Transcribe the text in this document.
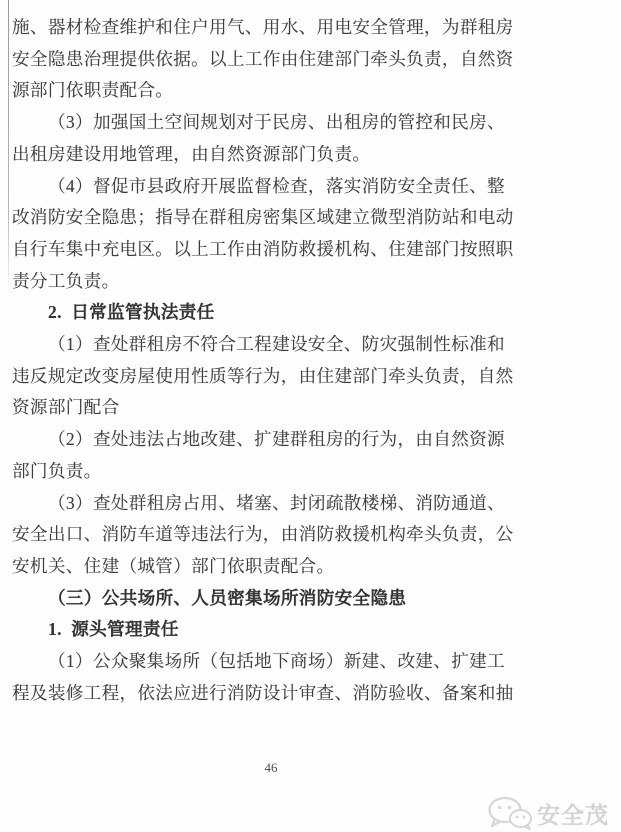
施、器材检查维护和住户用气、用水、用电安全管理，为群租房
安全隐患治理提供依据。以上工作由住建部门牵头负责，自然资
源部门依职责配合。
（3）加强国土空间规划对于民房、出租房的管控和民房、
出租房建设用地管理，由自然资源部门负责。
（4）督促市县政府开展监督检查，落实消防安全责任、整
改消防安全隐患；指导在群租房密集区域建立微型消防站和电动
自行车集中充电区。以上工作由消防救援机构、住建部门按照职
责分工负责。
2.  日常监管执法责任
（1）查处群租房不符合工程建设安全、防灾强制性标准和
违反规定改变房屋使用性质等行为，由住建部门牵头负责，自然
资源部门配合
（2）查处违法占地改建、扩建群租房的行为，由自然资源
部门负责。
（3）查处群租房占用、堵塞、封闭疏散楼梯、消防通道、
安全出口、消防车道等违法行为，由消防救援机构牵头负责，公
安机关、住建（城管）部门依职责配合。
（三）公共场所、人员密集场所消防安全隐患
1.  源头管理责任
（1）公众聚集场所（包括地下商场）新建、改建、扩建工
程及装修工程，依法应进行消防设计审查、消防验收、备案和抽
46
安全茂
